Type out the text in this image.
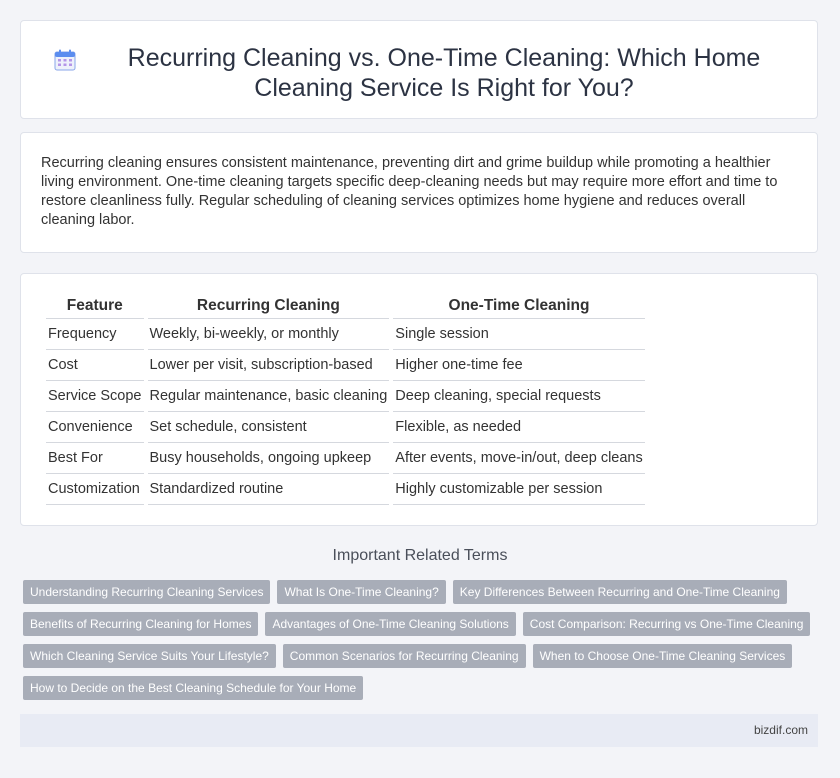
Recurring Cleaning vs. One-Time Cleaning: Which Home Cleaning Service Is Right for You?
Recurring cleaning ensures consistent maintenance, preventing dirt and grime buildup while promoting a healthier living environment. One-time cleaning targets specific deep-cleaning needs but may require more effort and time to restore cleanliness fully. Regular scheduling of cleaning services optimizes home hygiene and reduces overall cleaning labor.
Feature	Recurring Cleaning	One-Time Cleaning
Frequency	Weekly, bi-weekly, or monthly	Single session
Cost	Lower per visit, subscription-based	Higher one-time fee
Service Scope	Regular maintenance, basic cleaning	Deep cleaning, special requests
Convenience	Set schedule, consistent	Flexible, as needed
Best For	Busy households, ongoing upkeep	After events, move-in/out, deep cleans
Customization	Standardized routine	Highly customizable per session
Important Related Terms
Understanding Recurring Cleaning Services	What Is One-Time Cleaning?	Key Differences Between Recurring and One-Time Cleaning
Benefits of Recurring Cleaning for Homes	Advantages of One-Time Cleaning Solutions	Cost Comparison: Recurring vs One-Time Cleaning
Which Cleaning Service Suits Your Lifestyle?	Common Scenarios for Recurring Cleaning	When to Choose One-Time Cleaning Services
How to Decide on the Best Cleaning Schedule for Your Home
bizdif.com
